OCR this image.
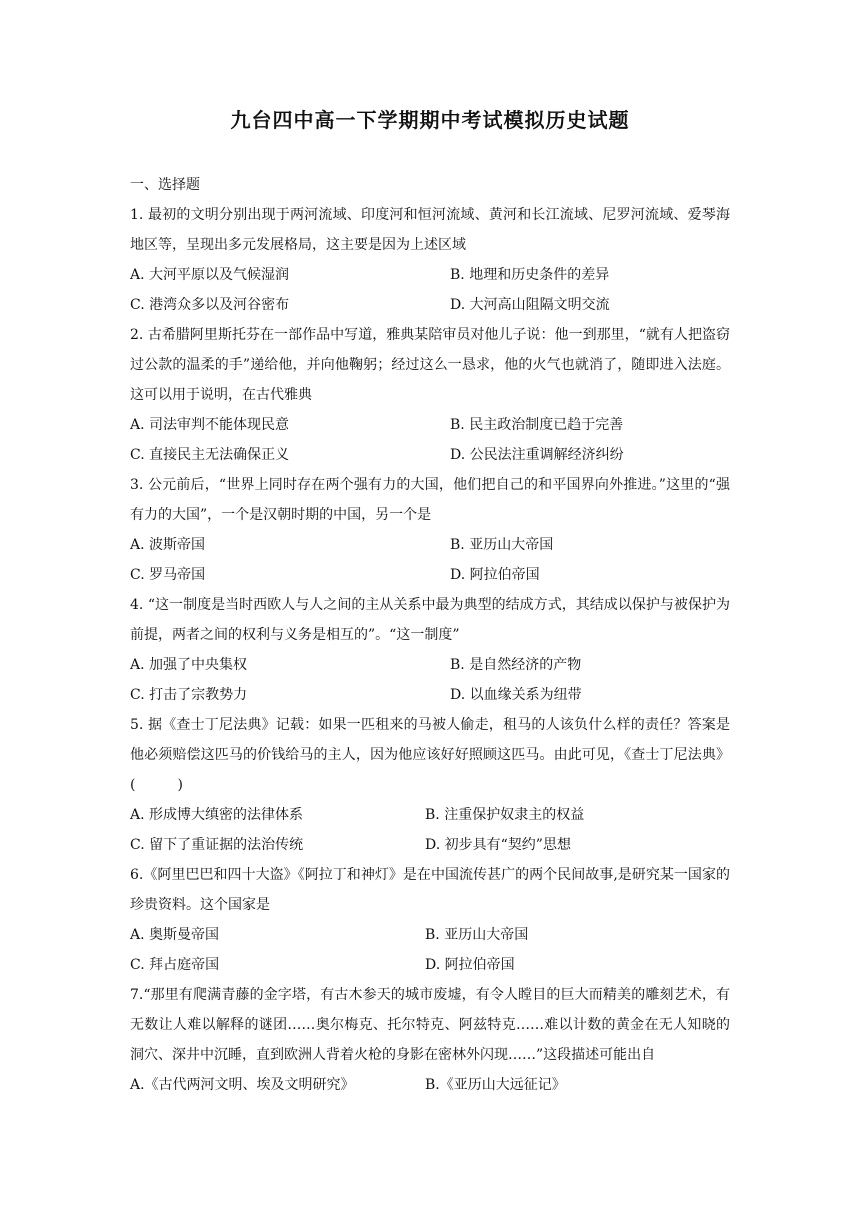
九台四中高一下学期期中考试模拟历史试题
一、选择题

1. 最初的文明分别出现于两河流域、印度河和恒河流域、黄河和长江流域、尼罗河流域、爱琴海地区等，呈现出多元发展格局，这主要是因为上述区域

A. 大河平原以及气候湿润	B. 地理和历史条件的差异
C. 港湾众多以及河谷密布	D. 大河高山阻隔文明交流

2. 古希腊阿里斯托芬在一部作品中写道，雅典某陪审员对他儿子说：他一到那里，“就有人把盗窃过公款的温柔的手”递给他，并向他鞠躬；经过这么一恳求，他的火气也就消了，随即进入法庭。这可以用于说明，在古代雅典

A. 司法审判不能体现民意	B. 民主政治制度已趋于完善
C. 直接民主无法确保正义	D. 公民法注重调解经济纠纷

3. 公元前后，“世界上同时存在两个强有力的大国，他们把自己的和平国界向外推进。”这里的“强有力的大国”，一个是汉朝时期的中国，另一个是

A. 波斯帝国	B. 亚历山大帝国
C. 罗马帝国	D. 阿拉伯帝国

4. “这一制度是当时西欧人与人之间的主从关系中最为典型的结成方式，其结成以保护与被保护为前提，两者之间的权利与义务是相互的”。“这一制度”

A. 加强了中央集权	B. 是自然经济的产物
C. 打击了宗教势力	D. 以血缘关系为纽带

5. 据《查士丁尼法典》记载：如果一匹租来的马被人偷走，租马的人该负什么样的责任？答案是他必须赔偿这匹马的价钱给马的主人，因为他应该好好照顾这匹马。由此可见，《查士丁尼法典》(　　　)

A. 形成博大缜密的法律体系	B. 注重保护奴隶主的权益
C. 留下了重证据的法治传统	D. 初步具有“契约”思想

6.《阿里巴巴和四十大盗》《阿拉丁和神灯》是在中国流传甚广的两个民间故事,是研究某一国家的珍贵资料。这个国家是

A. 奥斯曼帝国	B. 亚历山大帝国
C. 拜占庭帝国	D. 阿拉伯帝国

7.“那里有爬满青藤的金字塔，有古木参天的城市废墟，有令人瞠目的巨大而精美的雕刻艺术，有无数让人难以解释的谜团……奥尔梅克、托尔特克、阿兹特克……难以计数的黄金在无人知晓的洞穴、深井中沉睡，直到欧洲人背着火枪的身影在密林外闪现……”这段描述可能出自

A.《古代两河文明、埃及文明研究》	B.《亚历山大远征记》
